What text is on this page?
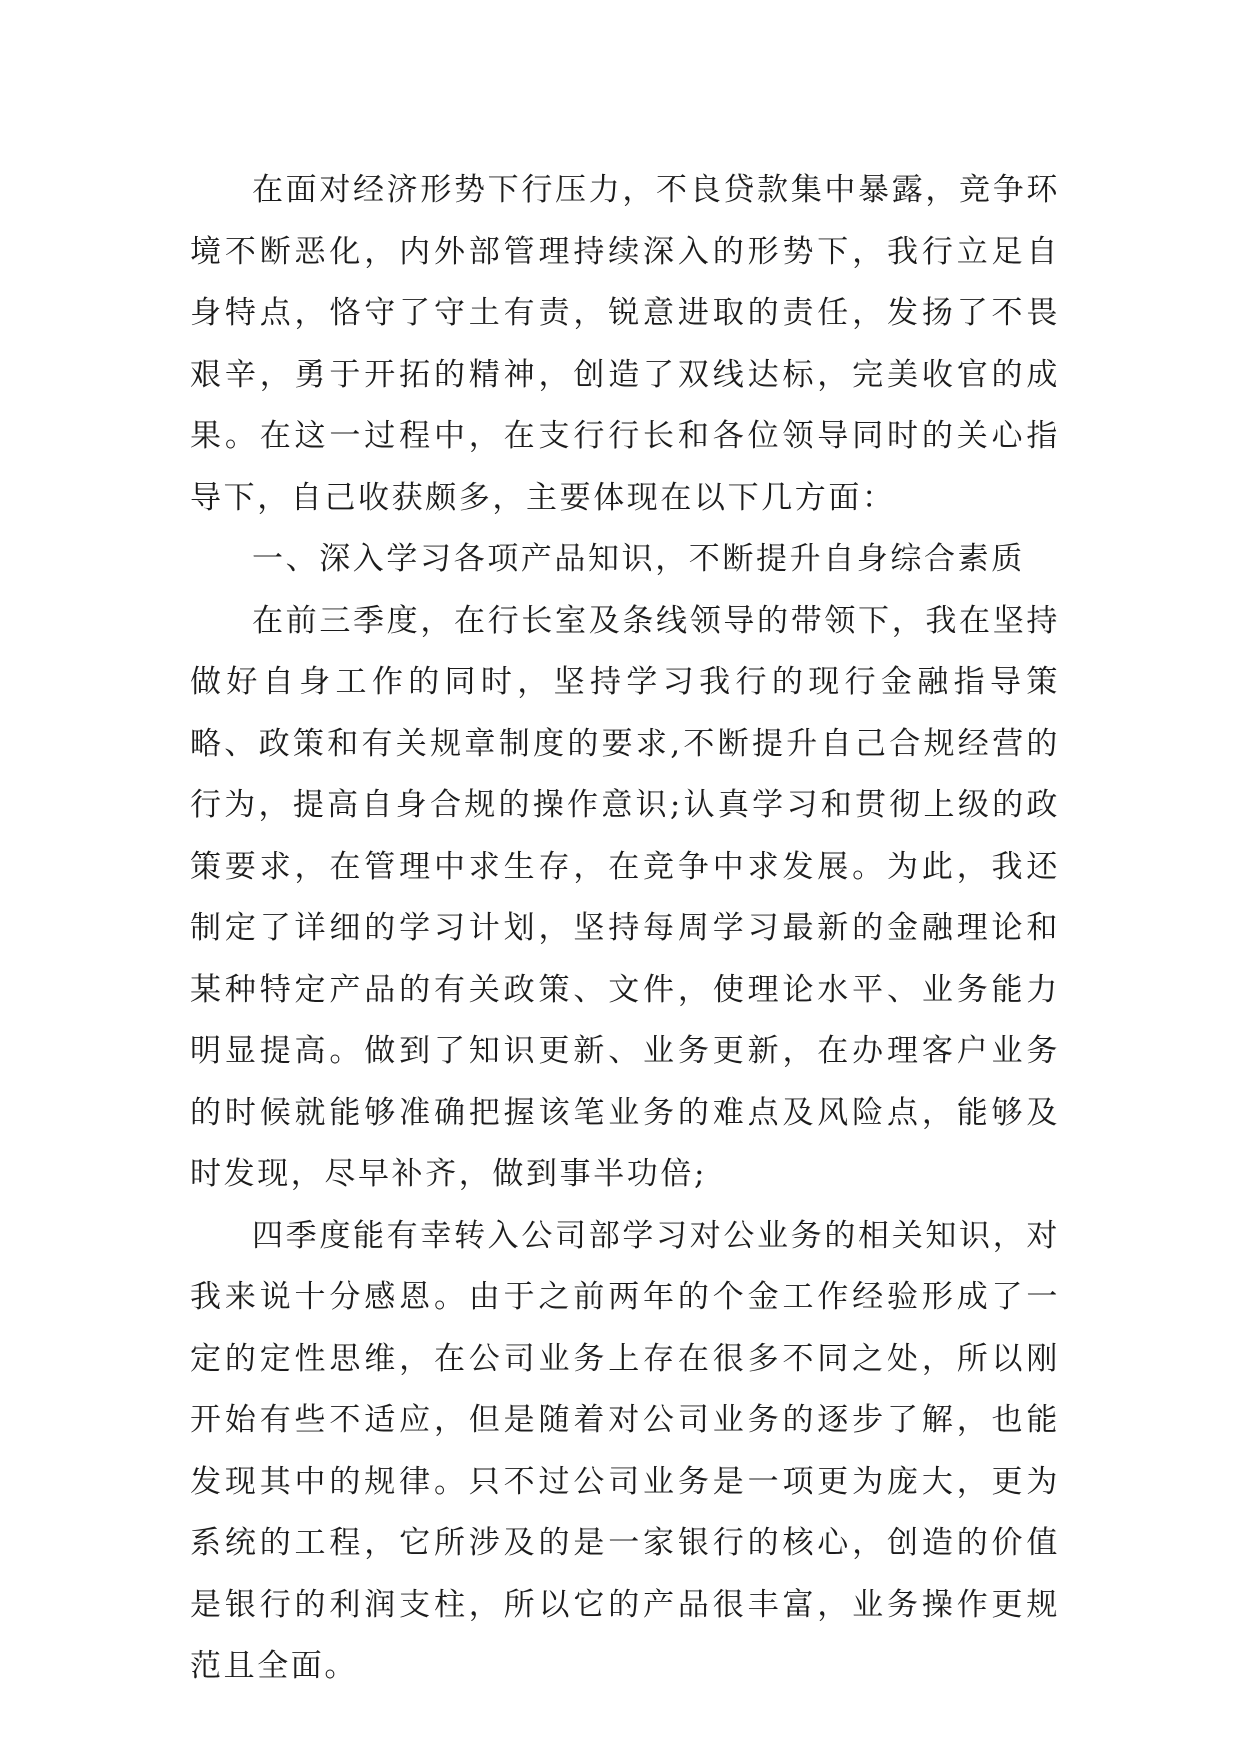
在面对经济形势下行压力，不良贷款集中暴露，竞争环境不断恶化，内外部管理持续深入的形势下，我行立足自身特点，恪守了守土有责，锐意进取的责任，发扬了不畏艰辛，勇于开拓的精神，创造了双线达标，完美收官的成果。在这一过程中，在支行行长和各位领导同时的关心指导下，自己收获颇多，主要体现在以下几方面：

一、深入学习各项产品知识，不断提升自身综合素质

在前三季度，在行长室及条线领导的带领下，我在坚持做好自身工作的同时，坚持学习我行的现行金融指导策略、政策和有关规章制度的要求,不断提升自己合规经营的行为，提高自身合规的操作意识;认真学习和贯彻上级的政策要求，在管理中求生存，在竞争中求发展。为此，我还制定了详细的学习计划，坚持每周学习最新的金融理论和某种特定产品的有关政策、文件，使理论水平、业务能力明显提高。做到了知识更新、业务更新，在办理客户业务的时候就能够准确把握该笔业务的难点及风险点，能够及时发现，尽早补齐，做到事半功倍;

四季度能有幸转入公司部学习对公业务的相关知识，对我来说十分感恩。由于之前两年的个金工作经验形成了一定的定性思维，在公司业务上存在很多不同之处，所以刚开始有些不适应，但是随着对公司业务的逐步了解，也能发现其中的规律。只不过公司业务是一项更为庞大，更为系统的工程，它所涉及的是一家银行的核心，创造的价值是银行的利润支柱，所以它的产品很丰富，业务操作更规范且全面。
